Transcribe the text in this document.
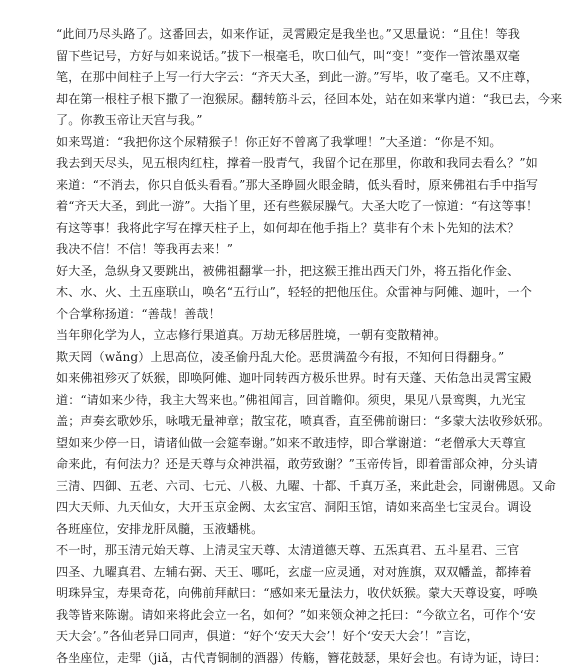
“此间乃尽头路了。这番回去，如来作证，灵霄殿定是我坐也。”又思量说：“且住！等我
留下些记号，方好与如来说话。”拔下一根毫毛，吹口仙气，叫“变！”变作一管浓墨双毫
笔，在那中间柱子上写一行大字云：“齐天大圣，到此一游。”写毕，收了毫毛。又不庄尊，
却在第一根柱子根下撒了一泡猴尿。翻转筋斗云，径回本处，站在如来掌内道：“我已去，今来
了。你教玉帝让天宫与我。”
如来骂道：“我把你这个尿精猴子！你正好不曾离了我掌哩！”大圣道：“你是不知。
我去到天尽头，见五根肉红柱，撑着一股青气，我留个记在那里，你敢和我同去看么？”如
来道：“不消去，你只自低头看看。”那大圣睁圆火眼金睛，低头看时，原来佛祖右手中指写
着“齐天大圣，到此一游”。大指丫里，还有些猴尿臊气。大圣大吃了一惊道：“有这等事！
有这等事！我将此字写在撑天柱子上，如何却在他手指上？莫非有个未卜先知的法术？
我决不信！不信！等我再去来！”
好大圣，急纵身又要跳出，被佛祖翻掌一扑，把这猴王推出西天门外，将五指化作金、
木、水、火、土五座联山，唤名“五行山”，轻轻的把他压住。众雷神与阿傩、迦叶，一个
个合掌称扬道：“善哉！善哉！
当年卵化学为人，立志修行果道真。万劫无移居胜境，一朝有变散精神。
欺天罔（wǎng）上思高位，凌圣偷丹乱大伦。恶贯满盈今有报，不知何日得翻身。”
如来佛祖殄灭了妖猴，即唤阿傩、迦叶同转西方极乐世界。时有天蓬、天佑急出灵霄宝殿
道：“请如来少待，我主大驾来也。”佛祖闻言，回首瞻仰。须臾，果见八景鸾舆，九光宝
盖；声奏玄歌妙乐，咏哦无量神章；散宝花，喷真香，直至佛前谢曰：“多蒙大法收殄妖邪。
望如来少停一日，请诸仙做一会筵奉谢。”如来不敢违悖，即合掌谢道：“老僧承大天尊宣
命来此，有何法力？还是天尊与众神洪福，敢劳致谢？”玉帝传旨，即着雷部众神，分头请
三清、四御、五老、六司、七元、八极、九曜、十都、千真万圣，来此赴会，同谢佛恩。又命
四大天师、九天仙女，大开玉京金阙、太玄宝宫、洞阳玉馆，请如来高坐七宝灵台。调设
各班座位，安排龙肝凤髓，玉液蟠桃。
不一时，那玉清元始天尊、上清灵宝天尊、太清道德天尊、五炁真君、五斗星君、三官
四圣、九曜真君、左辅右弼、天王、哪吒，玄虚一应灵通，对对旌旗，双双幡盖，都捧着
明珠异宝，寿果奇花，向佛前拜献曰：“感如来无量法力，收伏妖猴。蒙大天尊设宴，呼唤
我等皆来陈谢。请如来将此会立一名，如何？”如来领众神之托曰：“今欲立名，可作个‘安
天大会’。”各仙老异口同声，俱道：“好个‘安天大会’！好个‘安天大会’！”言讫，
各坐座位，走斝（jiǎ，古代青铜制的酒器）传觞，簪花鼓瑟，果好会也。有诗为证，诗曰：
